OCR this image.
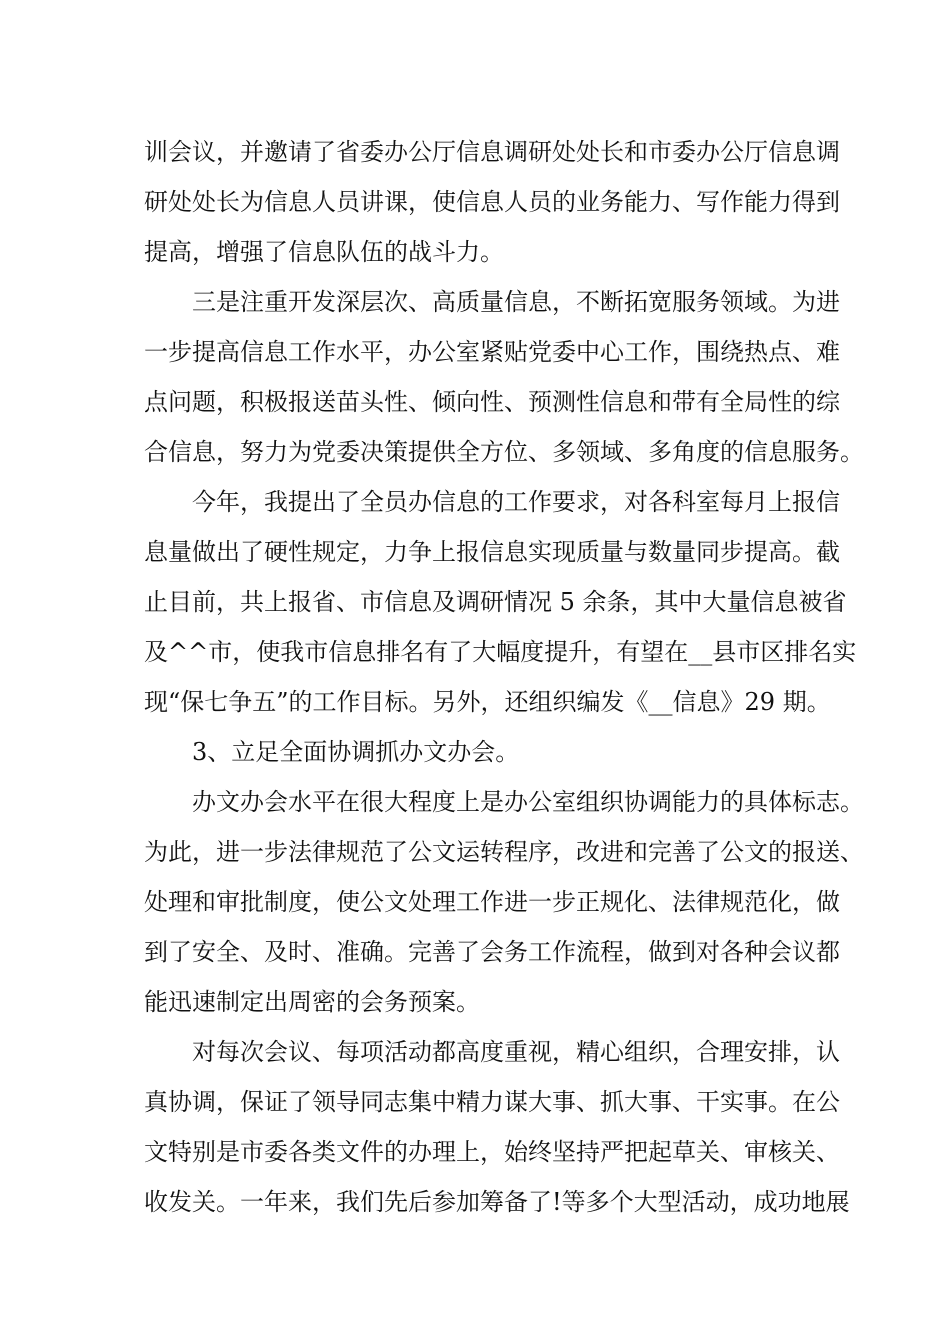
训会议，并邀请了省委办公厅信息调研处处长和市委办公厅信息调
研处处长为信息人员讲课，使信息人员的业务能力、写作能力得到
提高，增强了信息队伍的战斗力。
三是注重开发深层次、高质量信息，不断拓宽服务领域。为进
一步提高信息工作水平，办公室紧贴党委中心工作，围绕热点、难
点问题，积极报送苗头性、倾向性、预测性信息和带有全局性的综
合信息，努力为党委决策提供全方位、多领域、多角度的信息服务。
今年，我提出了全员办信息的工作要求，对各科室每月上报信
息量做出了硬性规定，力争上报信息实现质量与数量同步提高。截
止目前，共上报省、市信息及调研情况 5 余条，其中大量信息被省
及^^市，使我市信息排名有了大幅度提升，有望在__县市区排名实
现“保七争五”的工作目标。另外，还组织编发《__信息》29 期。
3、立足全面协调抓办文办会。
办文办会水平在很大程度上是办公室组织协调能力的具体标志。
为此，进一步法律规范了公文运转程序，改进和完善了公文的报送、
处理和审批制度，使公文处理工作进一步正规化、法律规范化，做
到了安全、及时、准确。完善了会务工作流程，做到对各种会议都
能迅速制定出周密的会务预案。
对每次会议、每项活动都高度重视，精心组织，合理安排，认
真协调，保证了领导同志集中精力谋大事、抓大事、干实事。在公
文特别是市委各类文件的办理上，始终坚持严把起草关、审核关、
收发关。一年来，我们先后参加筹备了!等多个大型活动，成功地展
